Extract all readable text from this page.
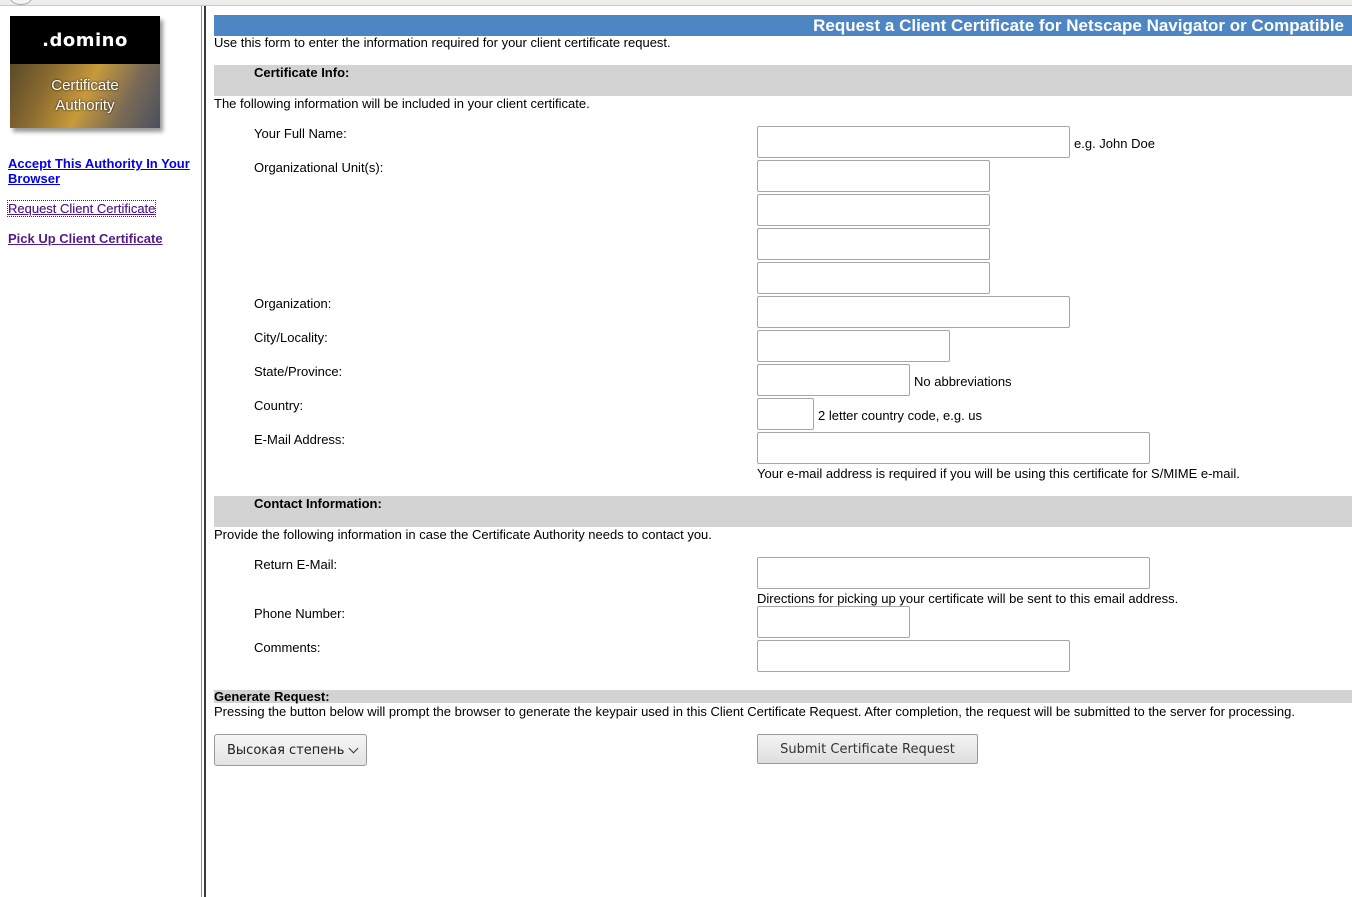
.domino
Certificate
Authority
Accept This Authority In Your
Browser
Request Client Certificate
Pick Up Client Certificate
Request a Client Certificate for Netscape Navigator or Compatible
Use this form to enter the information required for your client certificate request.
Certificate Info:
The following information will be included in your client certificate.
Your Full Name:
e.g. John Doe
Organizational Unit(s):
Organization:
City/Locality:
State/Province:
No abbreviations
Country:
2 letter country code, e.g. us
E-Mail Address:
Your e-mail address is required if you will be using this certificate for S/MIME e-mail.
Contact Information:
Provide the following information in case the Certificate Authority needs to contact you.
Return E-Mail:
Directions for picking up your certificate will be sent to this email address.
Phone Number:
Comments:
Generate Request:
Pressing the button below will prompt the browser to generate the keypair used in this Client Certificate Request. After completion, the request will be submitted to the server for processing.
Высокая степень	Submit Certificate Request
